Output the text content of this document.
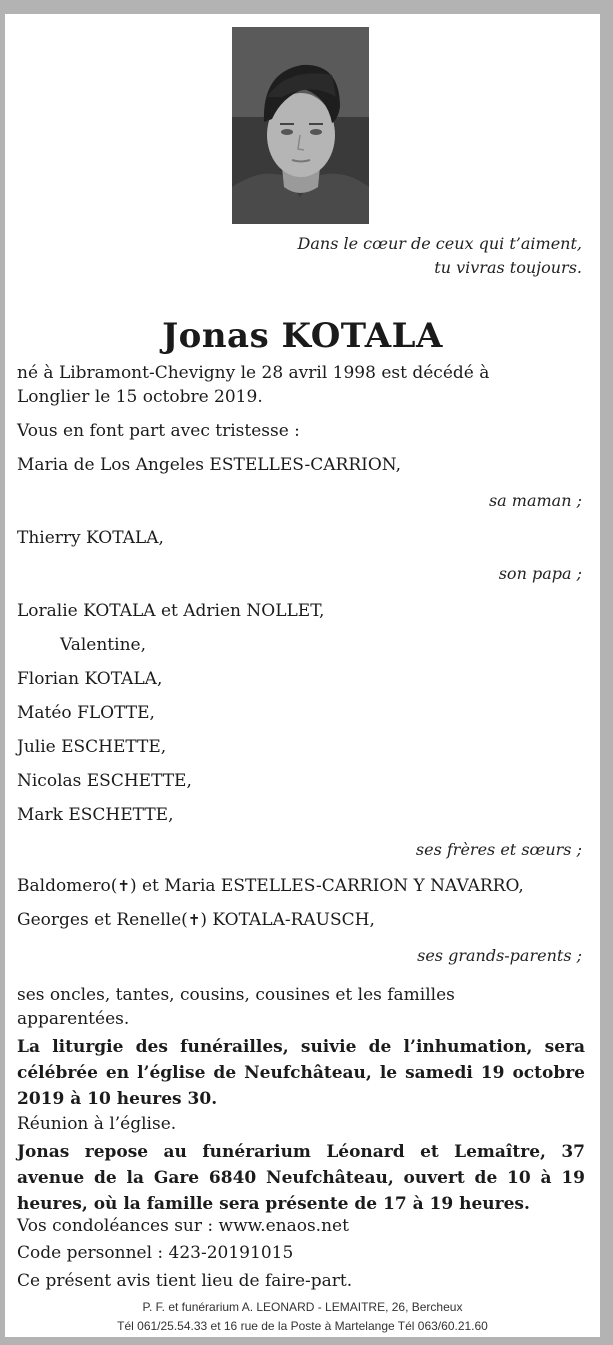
Dans le cœur de ceux qui t’aiment,
tu vivras toujours.
Jonas KOTALA
né à Libramont-Chevigny le 28 avril 1998 est décédé à
Longlier le 15 octobre 2019.
Vous en font part avec tristesse :
Maria de Los Angeles ESTELLES-CARRION,
sa maman ;
Thierry KOTALA,
son papa ;
Loralie KOTALA et Adrien NOLLET,
Valentine,
Florian KOTALA,
Matéo FLOTTE,
Julie ESCHETTE,
Nicolas ESCHETTE,
Mark ESCHETTE,
ses frères et sœurs ;
Baldomero(✝) et Maria ESTELLES-CARRION Y NAVARRO,
Georges et Renelle(✝) KOTALA-RAUSCH,
ses grands-parents ;
ses oncles, tantes, cousins, cousines et les familles
apparentées.
La liturgie des funérailles, suivie de l’inhumation, sera célébrée en l’église de Neufchâteau, le samedi 19 octobre 2019 à 10 heures 30.
Réunion à l’église.
Jonas repose au funérarium Léonard et Lemaître, 37 avenue de la Gare 6840 Neufchâteau, ouvert de 10 à 19 heures, où la famille sera présente de 17 à 19 heures.
Vos condoléances sur : www.enaos.net
Code personnel : 423-20191015
Ce présent avis tient lieu de faire-part.
P. F. et funérarium A. LEONARD - LEMAITRE, 26, Bercheux
Tél 061/25.54.33 et 16 rue de la Poste à Martelange Tél 063/60.21.60
